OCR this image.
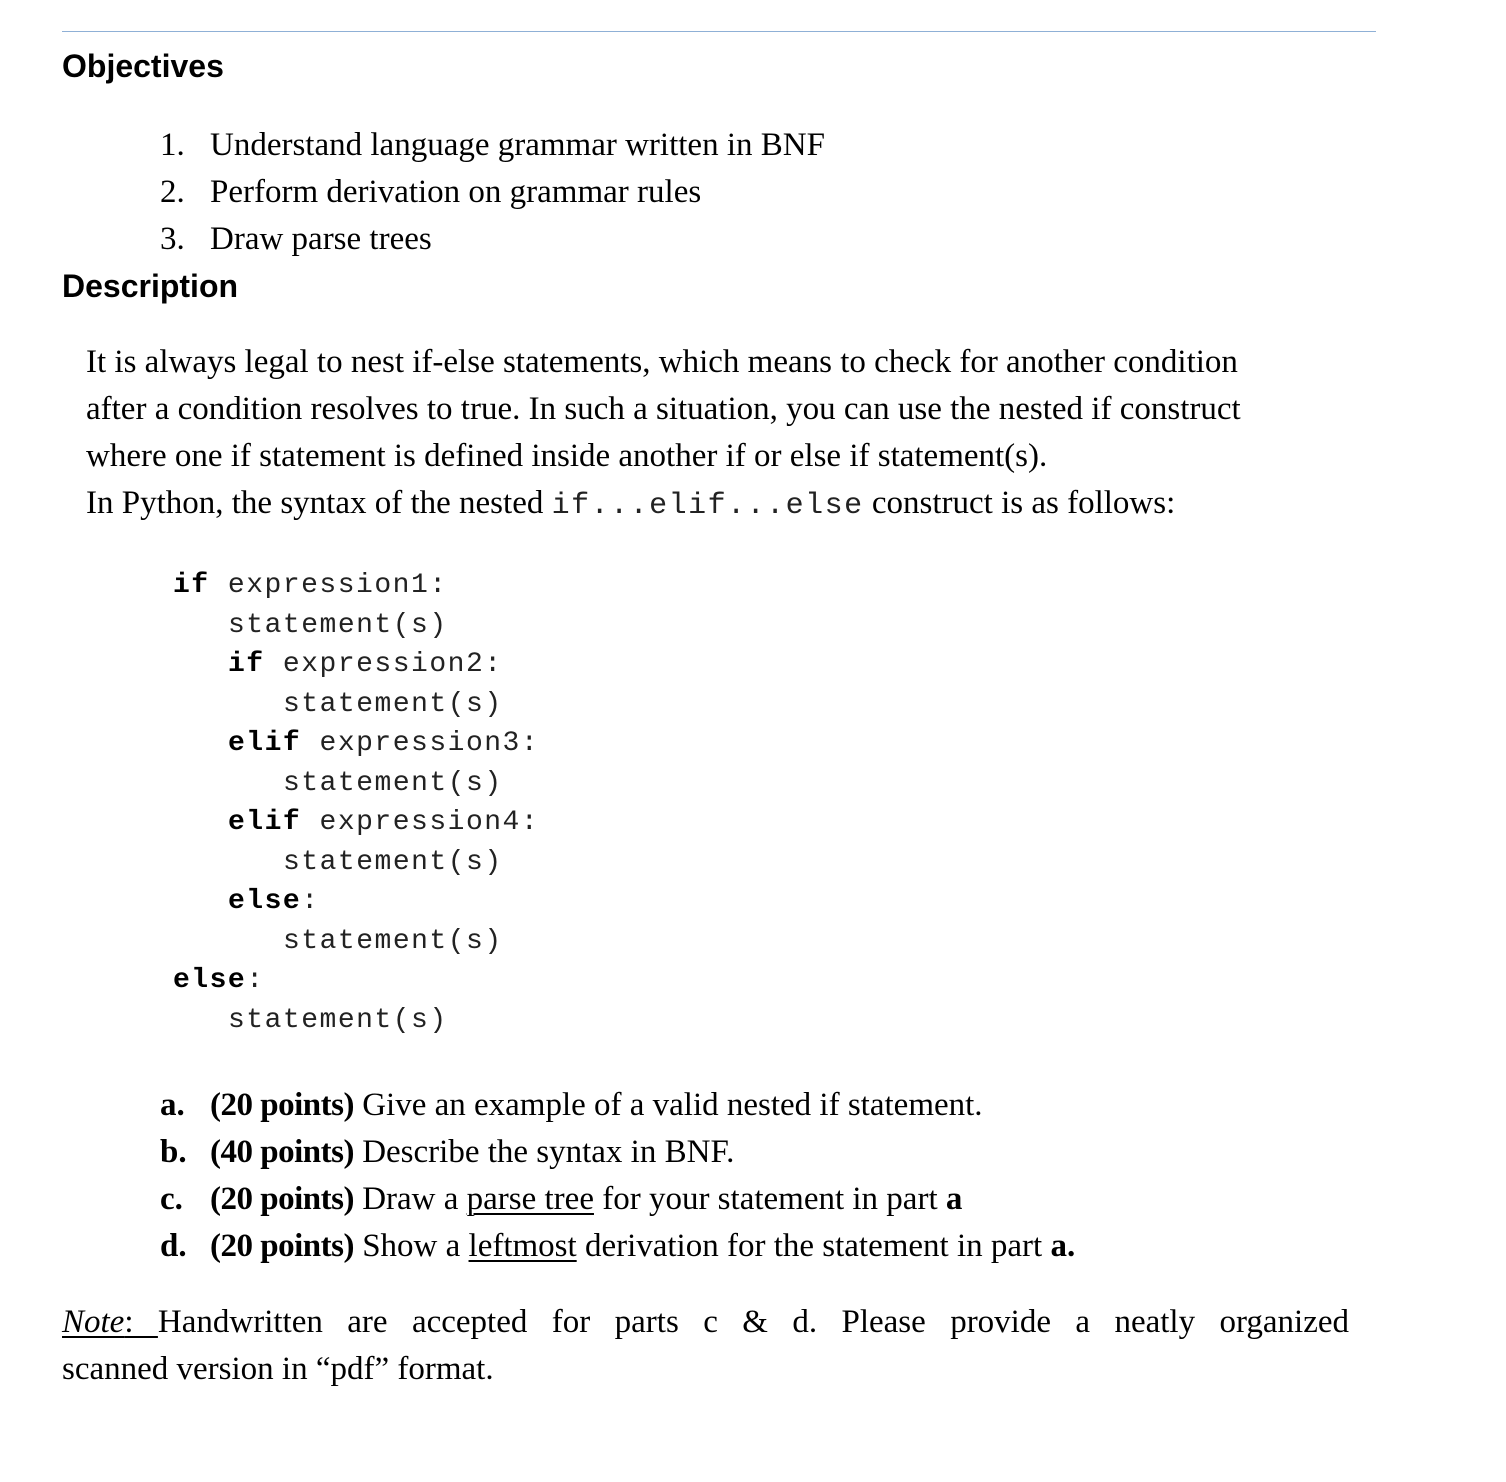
Objectives
1. Understand language grammar written in BNF
2. Perform derivation on grammar rules
3. Draw parse trees
Description

It is always legal to nest if-else statements, which means to check for another condition
after a condition resolves to true. In such a situation, you can use the nested if construct
where one if statement is defined inside another if or else if statement(s).
In Python, the syntax of the nested if...elif...else construct is as follows:

if expression1:
statement(s)
if expression2:
statement(s)
elif expression3:
statement(s)
elif expression4:
statement(s)
else:
statement(s)
else:
statement(s)
a. (20 points) Give an example of a valid nested if statement.
b. (40 points) Describe the syntax in BNF.
c. (20 points) Draw a parse tree for your statement in part a
d. (20 points) Show a leftmost derivation for the statement in part a.

Note: Handwritten are accepted for parts c & d. Please provide a neatly organized
scanned version in “pdf” format.
